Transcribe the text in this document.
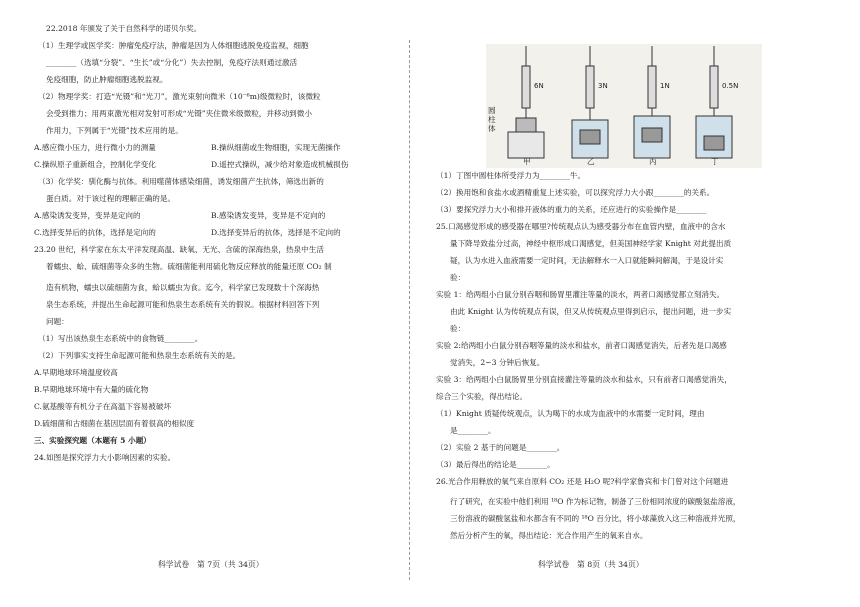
22.2018 年颁发了关于自然科学的诺贝尔奖。
（1）生理学或医学奖：肿瘤免疫疗法，肿瘤是因为人体细胞逃脱免疫监视，细胞
________（选填“分裂”、“生长”或“分化”）失去控制，免疫疗法则通过激活
免疫细胞，防止肿瘤细胞逃脱监视。
（2）物理学奖：打造“光镊”和“光刀”。激光束射向微米（10⁻⁶m)级微粒时，该微粒
会受到推力；用两束激光相对发射可形成“光镊”夹住微米级微粒，并移动到微小
作用力，下列属于“光镊”技术应用的是。
A.感应微小压力，进行微小力的测量	B.操纵细菌或生物细胞，实现无菌操作
C.操纵原子重新组合，控制化学变化	D.遥控式操纵，减少给对象造成机械损伤
（3）化学奖：驯化酶与抗体。利用噬菌体感染细菌，诱发细菌产生抗体，筛选出新的
蛋白质。对于该过程的理解正确的是。
A.感染诱发变异，变异是定向的	B.感染诱发变异，变异是不定向的
C.选择变异后的抗体，选择是定向的	D.选择变异后的抗体，选择是不定向的
23.20 世纪，科学家在东太平洋发现高温、缺氧、无光、含硫的深海热泉，热泉中生活
着蠕虫、蛤、硫细菌等众多的生物。硫细菌能利用硫化物反应释放的能量还原 CO₂ 制
造有机物，蠕虫以硫细菌为食，蛤以蠕虫为食。迄今，科学家已发现数十个深海热
泉生态系统，并提出生命起源可能和热泉生态系统有关的假说。根据材料回答下列
问题：
（1）写出该热泉生态系统中的食物链________。
（2）下列事实支持生命起源可能和热泉生态系统有关的是。
A.早期地球环境温度较高
B.早期地球环境中有大量的硫化物
C.氨基酸等有机分子在高温下容易被破坏
D.硫细菌和古细菌在基因层面有着很高的相似度
三、实验探究题（本题有 5 小题）
24.如图是探究浮力大小影响因素的实验。
科学试卷　第 7页（共 34页）
6N	3N	1N	0.5N
圆柱体
甲	乙	丙	丁
（1）丁图中圆柱体所受浮力为________牛。
（2）换用饱和食盐水或酒精重复上述实验，可以探究浮力大小跟________的关系。
（3）要探究浮力大小和排开液体的重力的关系，还应进行的实验操作是________
25.口渴感觉形成的感受器在哪里?传统观点认为感受器分布在血管内壁，血液中的含水
量下降导致盐分过高，神经中枢形成口渴感觉，但美国神经学家 Knight 对此提出质
疑，认为水进入血液需要一定时间，无法解释水一入口就能瞬间解渴，于是设计实
验：
实验 1：给两组小白鼠分别吞咽和肠胃里灌注等量的淡水，两者口渴感觉都立刻消失。
由此 Knight 认为传统观点有误，但又从传统观点里得到启示，提出问题，进一步实
验：
实验 2:给两组小白鼠分别吞咽等量的淡水和盐水，前者口渴感觉消失，后者先是口渴感
觉消失，2~3 分钟后恢复。
实验 3：给两组小白鼠肠胃里分别直接灌注等量的淡水和盐水，只有前者口渴感觉消失，
综合三个实验，得出结论。
（1）Knight 质疑传统观点，认为喝下的水成为血液中的水需要一定时间，理由
是________。
（2）实验 2 基于的问题是________。
（3）最后得出的结论是________。
26.光合作用释放的氧气来自原料 CO₂ 还是 H₂O 呢?科学家鲁宾和卡门曾对这个问题进
行了研究，在实验中他们利用 ¹⁸O 作为标记物，制备了三份相同浓度的碳酸氢盐溶液，
三份溶液的碳酸氢盐和水都含有不同的 ¹⁸O 百分比，将小球藻放入这三种溶液并光照，
然后分析产生的氧，得出结论：光合作用产生的氧来自水。
科学试卷　第 8页（共 34页）
